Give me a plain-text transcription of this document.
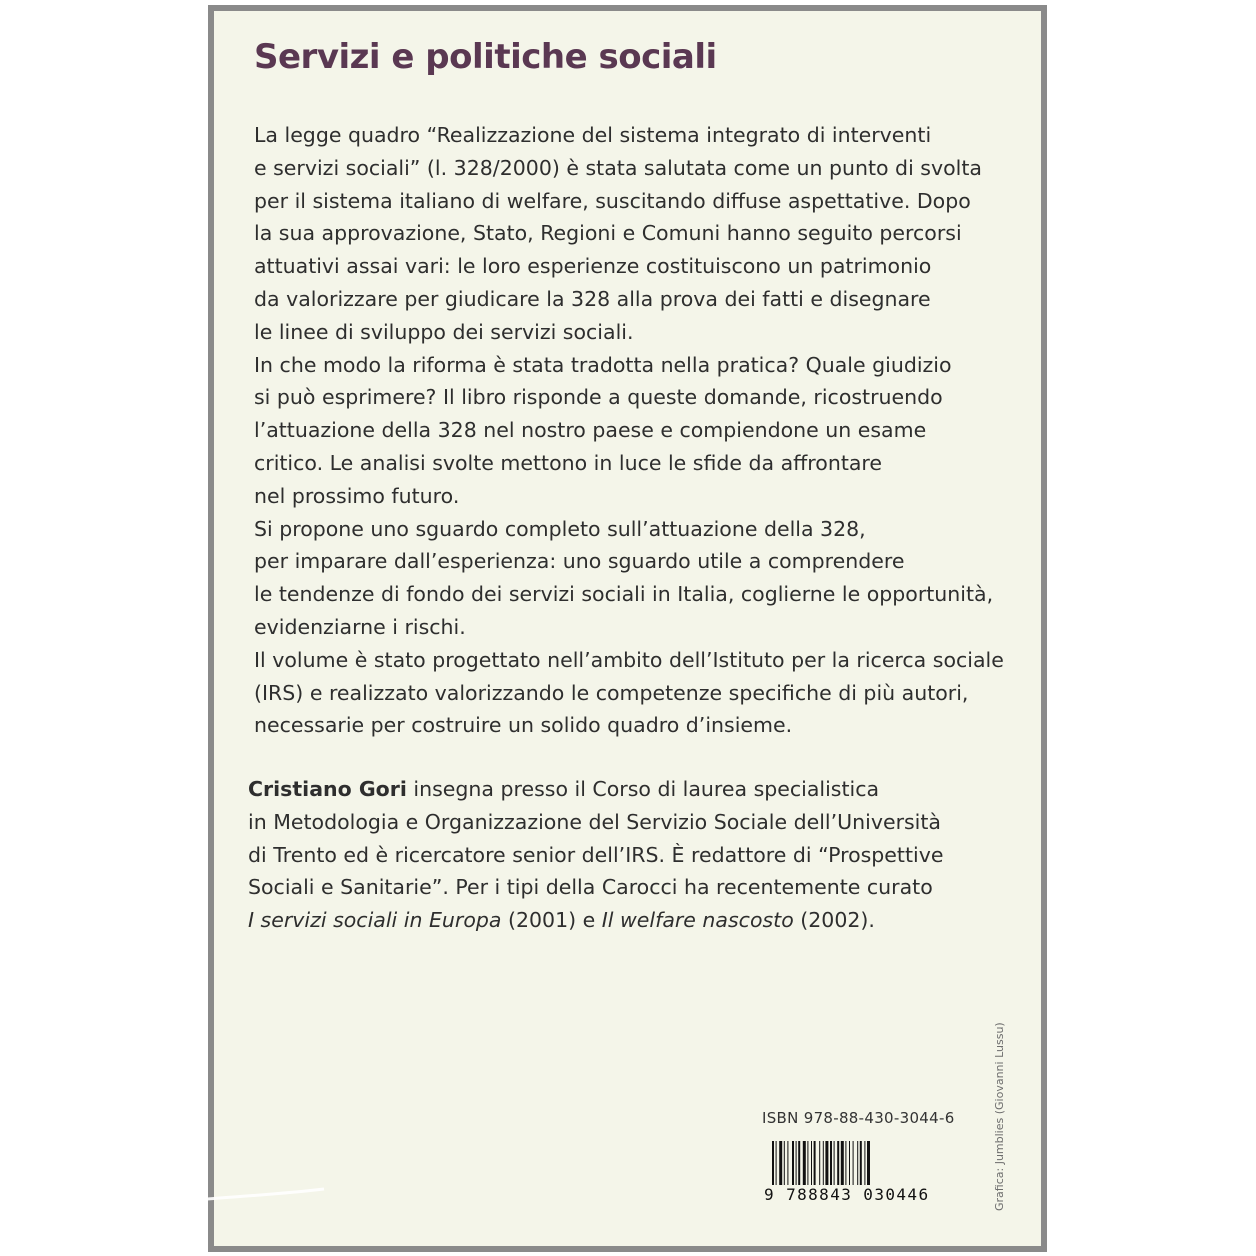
Servizi e politiche sociali
La legge quadro “Realizzazione del sistema integrato di interventi
e servizi sociali” (l. 328/2000) è stata salutata come un punto di svolta
per il sistema italiano di welfare, suscitando diffuse aspettative. Dopo
la sua approvazione, Stato, Regioni e Comuni hanno seguito percorsi
attuativi assai vari: le loro esperienze costituiscono un patrimonio
da valorizzare per giudicare la 328 alla prova dei fatti e disegnare
le linee di sviluppo dei servizi sociali.
In che modo la riforma è stata tradotta nella pratica? Quale giudizio
si può esprimere? Il libro risponde a queste domande, ricostruendo
l’attuazione della 328 nel nostro paese e compiendone un esame
critico. Le analisi svolte mettono in luce le sfide da affrontare
nel prossimo futuro.
Si propone uno sguardo completo sull’attuazione della 328,
per imparare dall’esperienza: uno sguardo utile a comprendere
le tendenze di fondo dei servizi sociali in Italia, coglierne le opportunità,
evidenziarne i rischi.
Il volume è stato progettato nell’ambito dell’Istituto per la ricerca sociale
(IRS) e realizzato valorizzando le competenze specifiche di più autori,
necessarie per costruire un solido quadro d’insieme.
Cristiano Gori insegna presso il Corso di laurea specialistica
in Metodologia e Organizzazione del Servizio Sociale dell’Università
di Trento ed è ricercatore senior dell’IRS. È redattore di “Prospettive
Sociali e Sanitarie”. Per i tipi della Carocci ha recentemente curato
I servizi sociali in Europa (2001) e Il welfare nascosto (2002).
Grafica: Jumblies (Giovanni Lussu)
ISBN 978-88-430-3044-6
9 788843 030446
